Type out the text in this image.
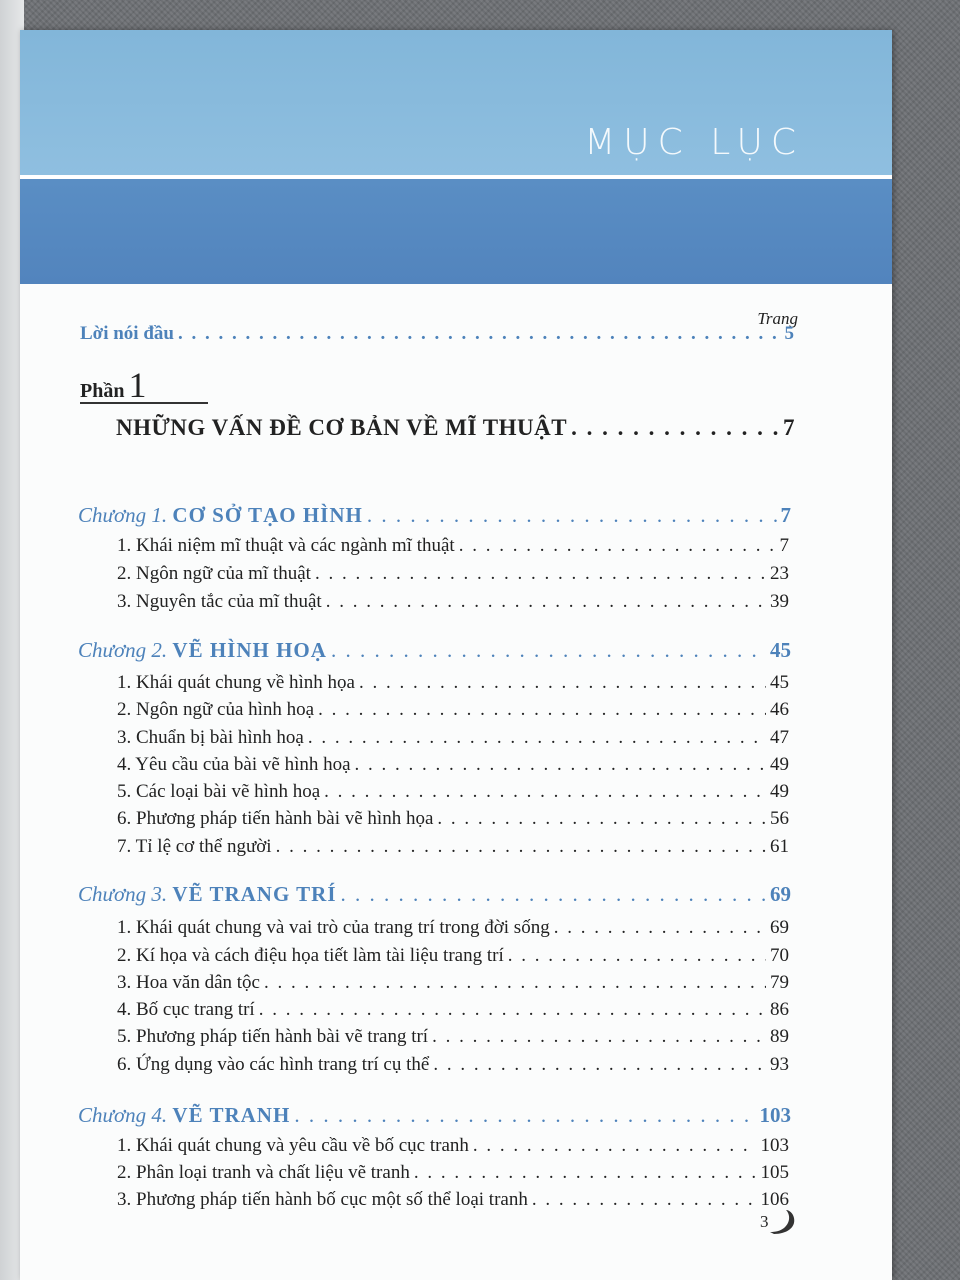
MỤC LỤC
Trang
Lời nói đầu . . .	5
Phần 1
NHỮNG VẤN ĐỀ CƠ BẢN VỀ MĨ THUẬT . . .	7
Chương 1. CƠ SỞ TẠO HÌNH . . .	7
1. Khái niệm mĩ thuật và các ngành mĩ thuật . . .	7
2. Ngôn ngữ của mĩ thuật . . .	23
3. Nguyên tắc của mĩ thuật . . .	39
Chương 2. VẼ HÌNH HOẠ . . .	45
1. Khái quát chung về hình họa . . .	45
2. Ngôn ngữ của hình hoạ . . .	46
3. Chuẩn bị bài hình hoạ . . .	47
4. Yêu cầu của bài vẽ hình hoạ . . .	49
5. Các loại bài vẽ hình hoạ . . .	49
6. Phương pháp tiến hành bài vẽ hình họa . . .	56
7. Tỉ lệ cơ thể người . . .	61
Chương 3. VẼ TRANG TRÍ . . .	69
1. Khái quát chung và vai trò của trang trí trong đời sống . . .	69
2. Kí họa và cách điệu họa tiết làm tài liệu trang trí . . .	70
3. Hoa văn dân tộc . . .	79
4. Bố cục trang trí . . .	86
5. Phương pháp tiến hành bài vẽ trang trí . . .	89
6. Ứng dụng vào các hình trang trí cụ thể . . .	93
Chương 4. VẼ TRANH . . .	103
1. Khái quát chung và yêu cầu về bố cục tranh . . .	103
2. Phân loại tranh và chất liệu vẽ tranh . . .	105
3. Phương pháp tiến hành bố cục một số thể loại tranh . . .	106
3
